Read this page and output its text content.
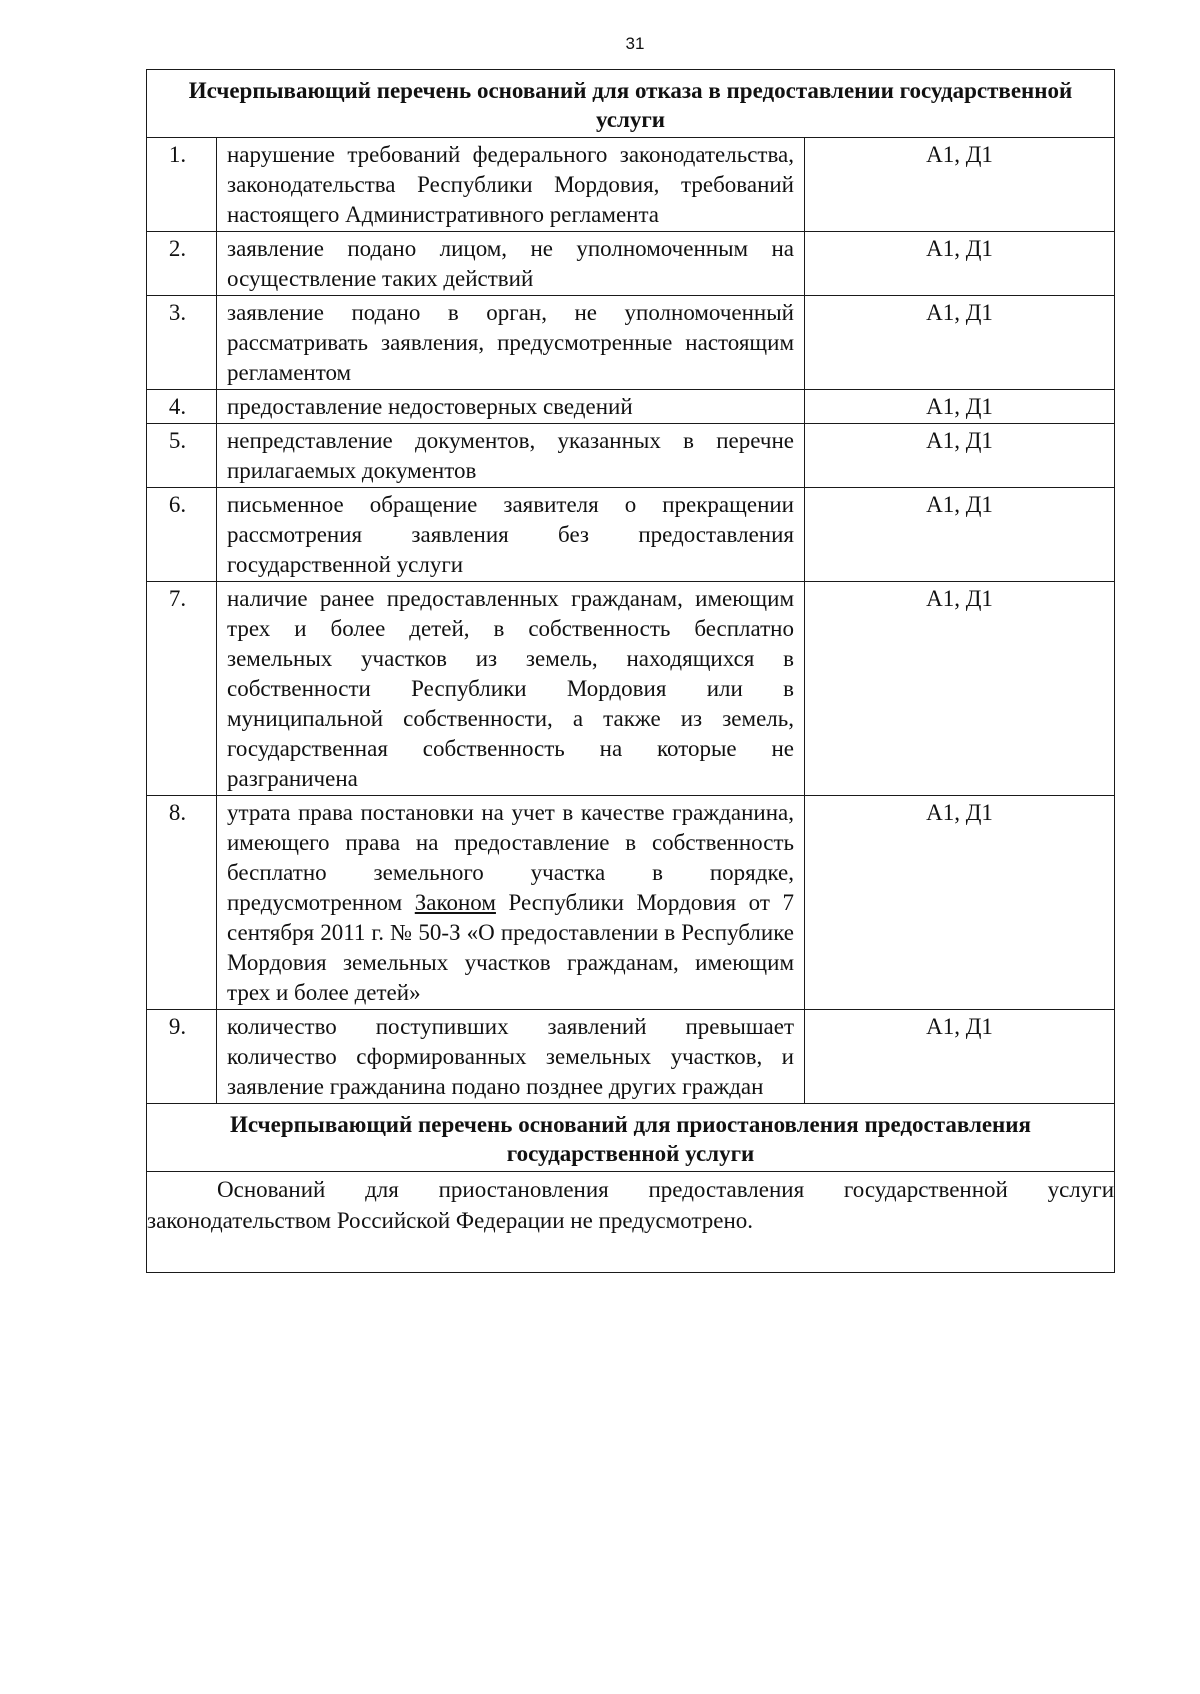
31
Исчерпывающий перечень оснований для отказа в предоставлении государственной услуги		
1.	нарушение требований федерального законодательства, законодательства Республики Мордовия, требований настоящего Административного регламента	А1, Д1
2.	заявление подано лицом, не уполномоченным на осуществление таких действий	А1, Д1
3.	заявление подано в орган, не уполномоченный рассматривать заявления, предусмотренные настоящим регламентом	А1, Д1
4.	предоставление недостоверных сведений	А1, Д1
5.	непредставление документов, указанных в перечне прилагаемых документов	А1, Д1
6.	письменное обращение заявителя о прекращении рассмотрения заявления без предоставления государственной услуги	А1, Д1
7.	наличие ранее предоставленных гражданам, имеющим трех и более детей, в собственность бесплатно земельных участков из земель, находящихся в собственности Республики Мордовия или в муниципальной собственности, а также из земель, государственная собственность на которые не разграничена	А1, Д1
8.	утрата права постановки на учет в качестве гражданина, имеющего права на предоставление в собственность бесплатно земельного участка в порядке, предусмотренном Законом Республики Мордовия от 7 сентября 2011 г. № 50-З «О предоставлении в Республике Мордовия земельных участков гражданам, имеющим трех и более детей»	А1, Д1
9.	количество поступивших заявлений превышает количество сформированных земельных участков, и заявление гражданина подано позднее других граждан	А1, Д1
Исчерпывающий перечень оснований для приостановления предоставления государственной услуги		

Оснований для приостановления предоставления государственной услуги законодательством Российской Федерации не предусмотрено.		
